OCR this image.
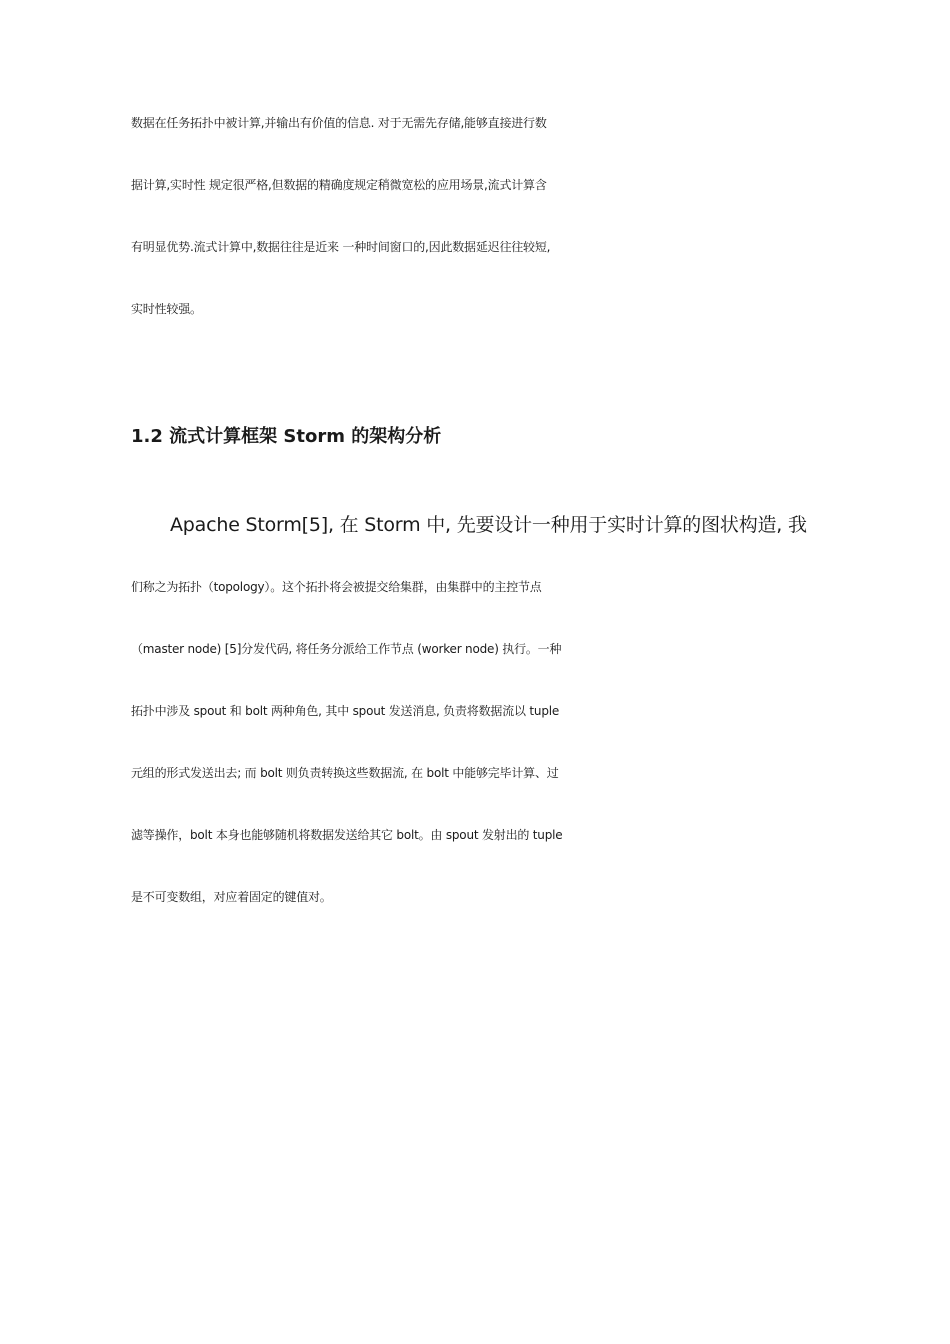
数据在任务拓扑中被计算,并输出有价值的信息. 对于无需先存储,能够直接进行数
据计算,实时性 规定很严格,但数据的精确度规定稍微宽松的应用场景,流式计算含
有明显优势.流式计算中,数据往往是近来 一种时间窗口的,因此数据延迟往往较短,
实时性较强。
1.2 流式计算框架 Storm 的架构分析
Apache Storm[5], 在 Storm 中, 先要设计一种用于实时计算的图状构造, 我
们称之为拓扑（topology）。这个拓扑将会被提交给集群，由集群中的主控节点
（master node) [5]分发代码, 将任务分派给工作节点 (worker node) 执行。一种
拓扑中涉及 spout 和 bolt 两种角色, 其中 spout 发送消息, 负责将数据流以 tuple
元组的形式发送出去; 而 bolt 则负责转换这些数据流, 在 bolt 中能够完毕计算、过
滤等操作，bolt 本身也能够随机将数据发送给其它 bolt。由 spout 发射出的 tuple
是不可变数组，对应着固定的键值对。
